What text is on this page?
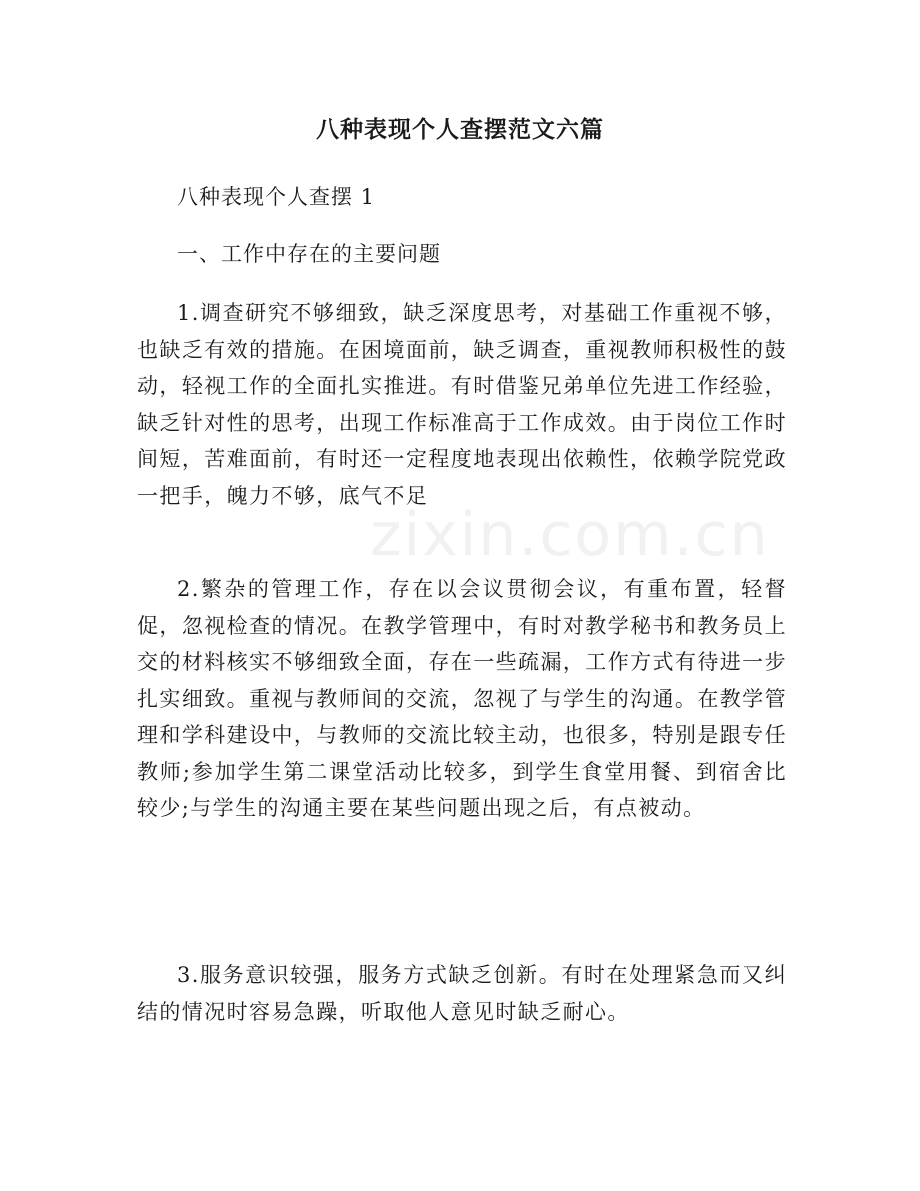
八种表现个人查摆范文六篇
八种表现个人查摆 1
一、工作中存在的主要问题
1.调查研究不够细致，缺乏深度思考，对基础工作重视不够，也缺乏有效的措施。在困境面前，缺乏调查，重视教师积极性的鼓动，轻视工作的全面扎实推进。有时借鉴兄弟单位先进工作经验，缺乏针对性的思考，出现工作标准高于工作成效。由于岗位工作时间短，苦难面前，有时还一定程度地表现出依赖性，依赖学院党政一把手，魄力不够，底气不足
2.繁杂的管理工作，存在以会议贯彻会议，有重布置，轻督促，忽视检查的情况。在教学管理中，有时对教学秘书和教务员上交的材料核实不够细致全面，存在一些疏漏，工作方式有待进一步扎实细致。重视与教师间的交流，忽视了与学生的沟通。在教学管理和学科建设中，与教师的交流比较主动，也很多，特别是跟专任教师;参加学生第二课堂活动比较多，到学生食堂用餐、到宿舍比较少;与学生的沟通主要在某些问题出现之后，有点被动。
3.服务意识较强，服务方式缺乏创新。有时在处理紧急而又纠结的情况时容易急躁，听取他人意见时缺乏耐心。
zixin.com.cn
